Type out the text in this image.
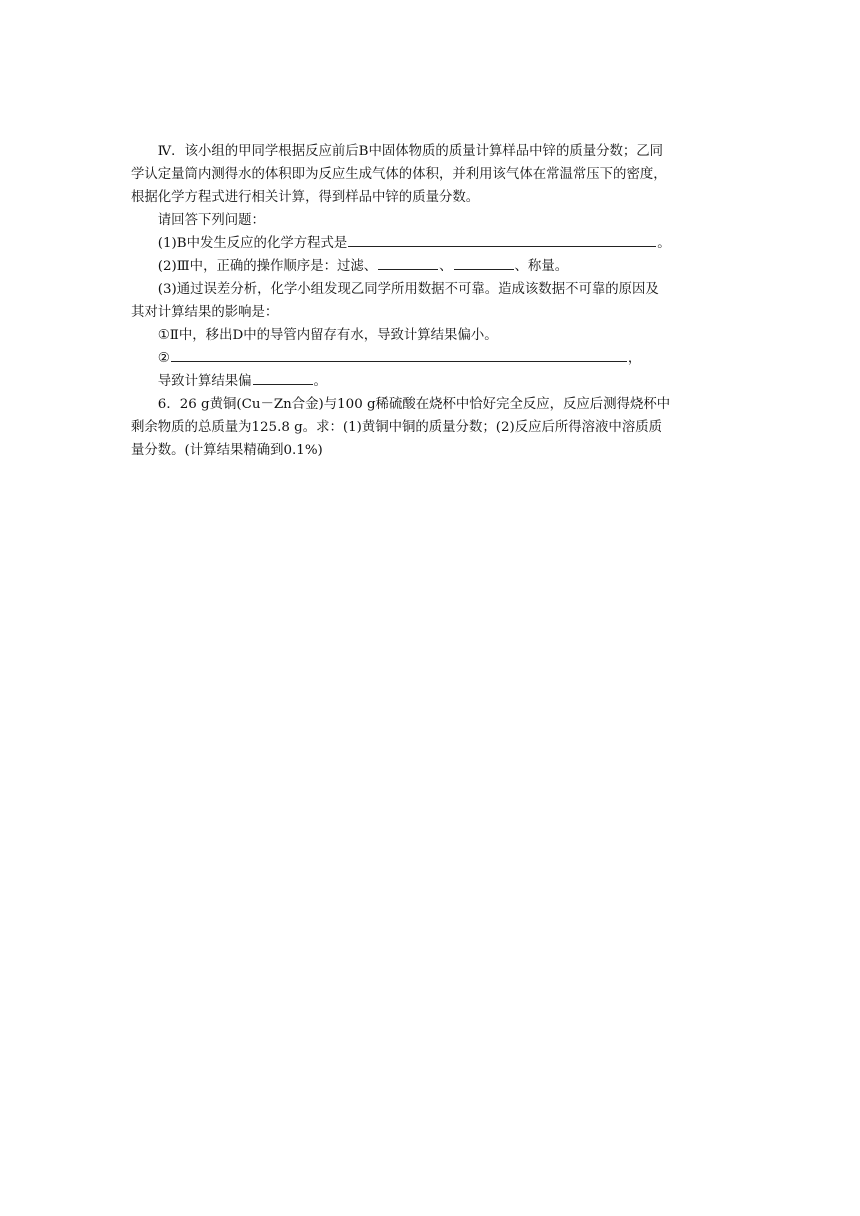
Ⅳ．该小组的甲同学根据反应前后B中固体物质的质量计算样品中锌的质量分数；乙同

学认定量筒内测得水的体积即为反应生成气体的体积，并利用该气体在常温常压下的密度，

根据化学方程式进行相关计算，得到样品中锌的质量分数。

请回答下列问题：

(1)B中发生反应的化学方程式是	。

(2)Ⅲ中，正确的操作顺序是：过滤、	、	、称量。

(3)通过误差分析，化学小组发现乙同学所用数据不可靠。造成该数据不可靠的原因及

其对计算结果的影响是：

①Ⅱ中，移出D中的导管内留存有水，导致计算结果偏小。

②	，

导致计算结果偏	。

6．26 g黄铜(Cu－Zn合金)与100 g稀硫酸在烧杯中恰好完全反应，反应后测得烧杯中

剩余物质的总质量为125.8 g。求：(1)黄铜中铜的质量分数；(2)反应后所得溶液中溶质质

量分数。(计算结果精确到0.1%)
